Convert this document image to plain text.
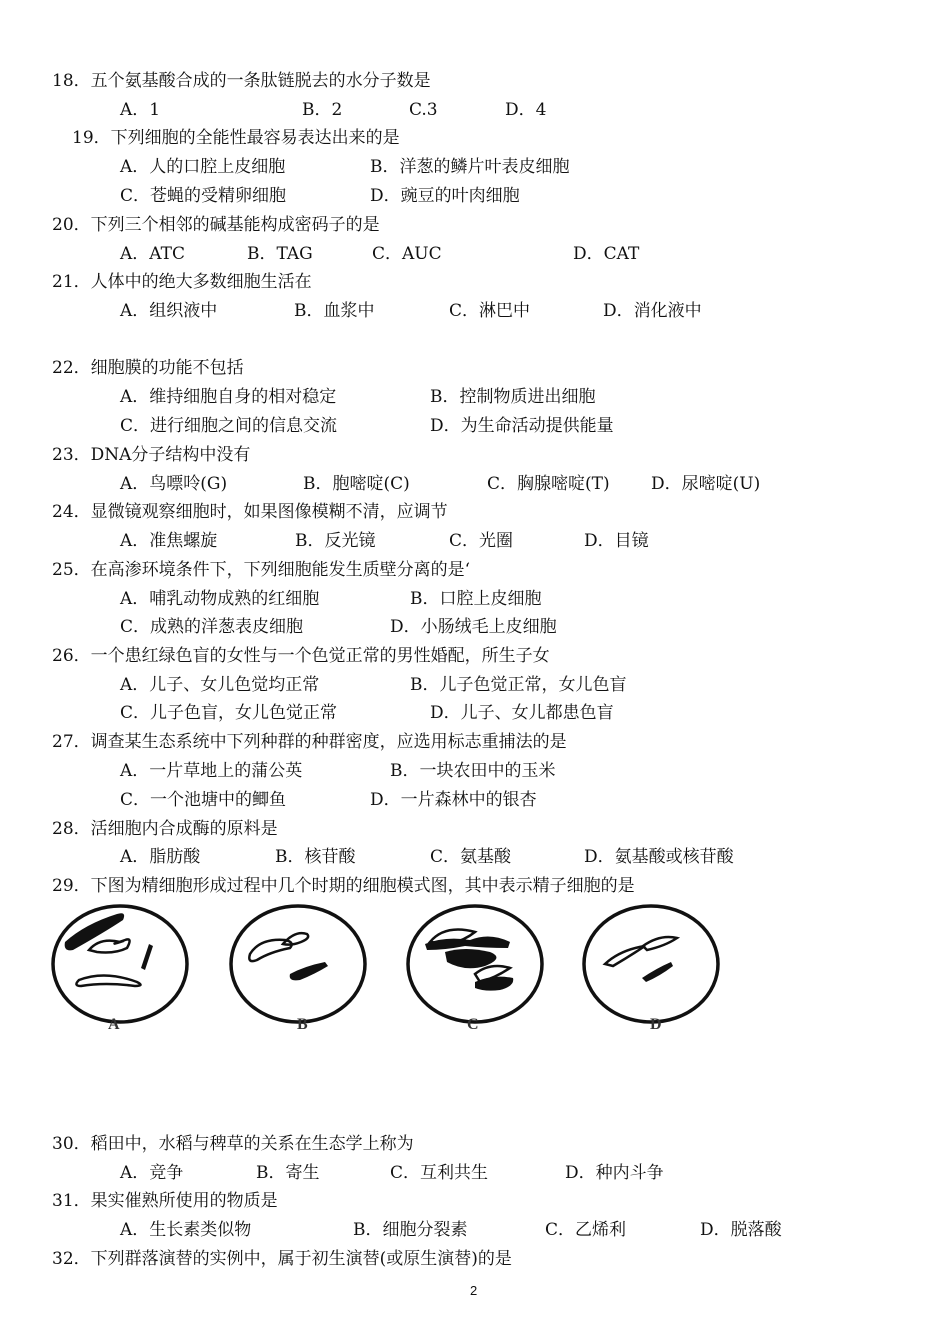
18．五个氨基酸合成的一条肽链脱去的水分子数是
A．1	B．2	C.3	D．4
19．下列细胞的全能性最容易表达出来的是
A．人的口腔上皮细胞	B．洋葱的鳞片叶表皮细胞
C．苍蝇的受精卵细胞	D．豌豆的叶肉细胞
20．下列三个相邻的碱基能构成密码子的是
A．ATC	B．TAG	C．AUC	D．CAT
21．人体中的绝大多数细胞生活在
A．组织液中	B．血浆中	C．淋巴中	D．消化液中
22．细胞膜的功能不包括
A．维持细胞自身的相对稳定	B．控制物质进出细胞
C．进行细胞之间的信息交流	D．为生命活动提供能量
23．DNA分子结构中没有
A．鸟嘌呤(G)	B．胞嘧啶(C)	C．胸腺嘧啶(T) D．尿嘧啶(U)
24．显微镜观察细胞时，如果图像模糊不清，应调节
A．准焦螺旋	B．反光镜	C．光圈	D．目镜
25．在高渗环境条件下，下列细胞能发生质壁分离的是‘
A．哺乳动物成熟的红细胞	B．口腔上皮细胞
C．成熟的洋葱表皮细胞	D．小肠绒毛上皮细胞
26．一个患红绿色盲的女性与一个色觉正常的男性婚配，所生子女
A．儿子、女儿色觉均正常	B．儿子色觉正常，女儿色盲
C．儿子色盲，女儿色觉正常	D．儿子、女儿都患色盲
27．调查某生态系统中下列种群的种群密度，应选用标志重捕法的是
A．一片草地上的蒲公英	B．一块农田中的玉米
C．一个池塘中的鲫鱼	D．一片森林中的银杏
28．活细胞内合成酶的原料是
A．脂肪酸	B．核苷酸	C．氨基酸	D．氨基酸或核苷酸
29．下图为精细胞形成过程中几个时期的细胞模式图，其中表示精子细胞的是
A	B	C	D
30．稻田中，水稻与稗草的关系在生态学上称为
A．竞争	B．寄生	C．互利共生	D．种内斗争
31．果实催熟所使用的物质是
A．生长素类似物	B．细胞分裂素	C．乙烯利	D．脱落酸
32．下列群落演替的实例中，属于初生演替(或原生演替)的是
2
